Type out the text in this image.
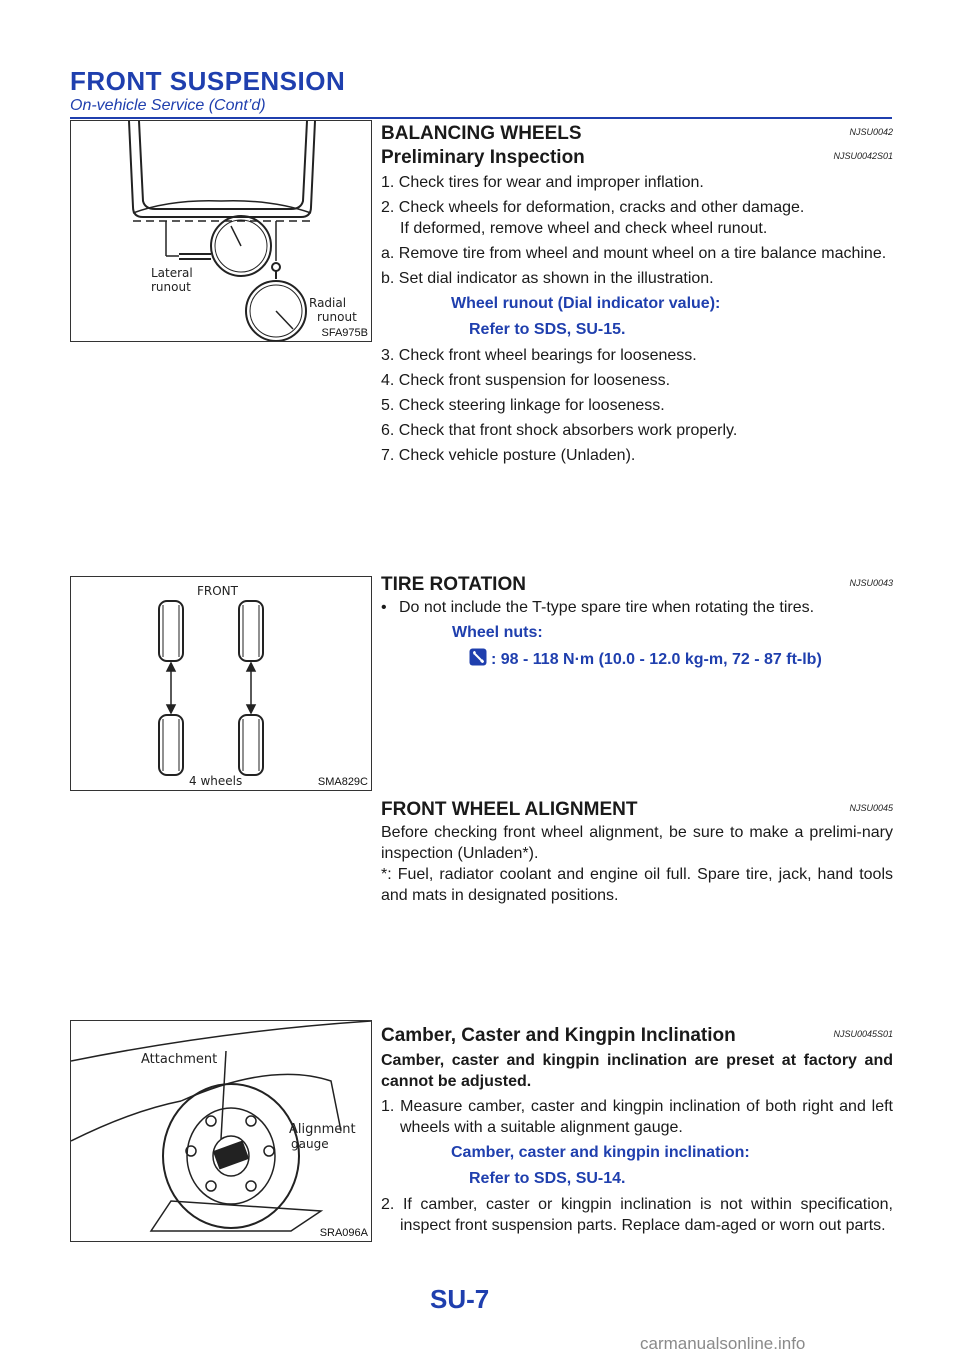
FRONT SUSPENSION
On-vehicle Service (Cont’d)
Lateral
runout
Radial
runout
SFA975B
FRONT
4 wheels	SMA829C
Attachment
Alignment
gauge
SRA096A
BALANCING WHEELS	NJSU0042
Preliminary Inspection	NJSU0042S01

1. Check tires for wear and improper inflation.

2. Check wheels for deformation, cracks and other damage.

If deformed, remove wheel and check wheel runout.

a. Remove tire from wheel and mount wheel on a tire balance machine.

b. Set dial indicator as shown in the illustration.

Wheel runout (Dial indicator value):

Refer to SDS, SU-15.

3. Check front wheel bearings for looseness.

4. Check front suspension for looseness.

5. Check steering linkage for looseness.

6. Check that front shock absorbers work properly.

7. Check vehicle posture (Unladen).

TIRE ROTATION	NJSU0043

• Do not include the T-type spare tire when rotating the tires.

Wheel nuts:

: 98 - 118 N·m (10.0 - 12.0 kg-m, 72 - 87 ft-lb)

FRONT WHEEL ALIGNMENT	NJSU0045

Before checking front wheel alignment, be sure to make a prelimi-nary inspection (Unladen*).

*: Fuel, radiator coolant and engine oil full. Spare tire, jack, hand tools and mats in designated positions.

Camber, Caster and Kingpin Inclination	NJSU0045S01

Camber, caster and kingpin inclination are preset at factory and cannot be adjusted.

1. Measure camber, caster and kingpin inclination of both right and left wheels with a suitable alignment gauge.

Camber, caster and kingpin inclination:

Refer to SDS, SU-14.

2. If camber, caster or kingpin inclination is not within specification, inspect front suspension parts. Replace dam-aged or worn out parts.

SU-7
carmanualsonline.info
